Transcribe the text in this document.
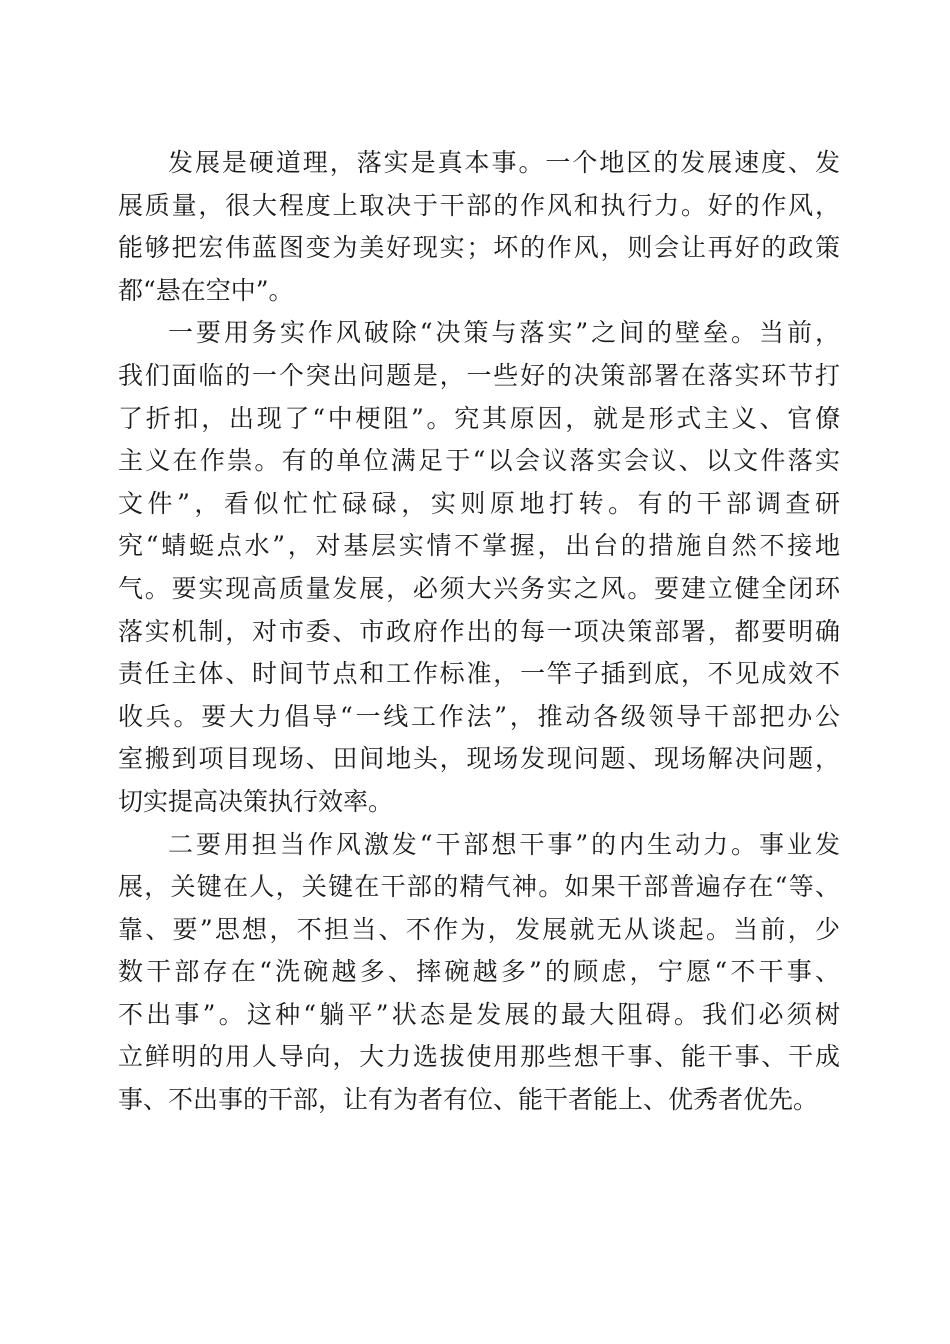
发展是硬道理，落实是真本事。一个地区的发展速度、发
展质量，很大程度上取决于干部的作风和执行力。好的作风，
能够把宏伟蓝图变为美好现实；坏的作风，则会让再好的政策
都“悬在空中”。
一要用务实作风破除“决策与落实”之间的壁垒。当前，
我们面临的一个突出问题是，一些好的决策部署在落实环节打
了折扣，出现了“中梗阻”。究其原因，就是形式主义、官僚
主义在作祟。有的单位满足于“以会议落实会议、以文件落实
文件”，看似忙忙碌碌，实则原地打转。有的干部调查研
究“蜻蜓点水”，对基层实情不掌握，出台的措施自然不接地
气。要实现高质量发展，必须大兴务实之风。要建立健全闭环
落实机制，对市委、市政府作出的每一项决策部署，都要明确
责任主体、时间节点和工作标准，一竿子插到底，不见成效不
收兵。要大力倡导“一线工作法”，推动各级领导干部把办公
室搬到项目现场、田间地头，现场发现问题、现场解决问题，
切实提高决策执行效率。
二要用担当作风激发“干部想干事”的内生动力。事业发
展，关键在人，关键在干部的精气神。如果干部普遍存在“等、
靠、要”思想，不担当、不作为，发展就无从谈起。当前，少
数干部存在“洗碗越多、摔碗越多”的顾虑，宁愿“不干事、
不出事”。这种“躺平”状态是发展的最大阻碍。我们必须树
立鲜明的用人导向，大力选拔使用那些想干事、能干事、干成
事、不出事的干部，让有为者有位、能干者能上、优秀者优先。
